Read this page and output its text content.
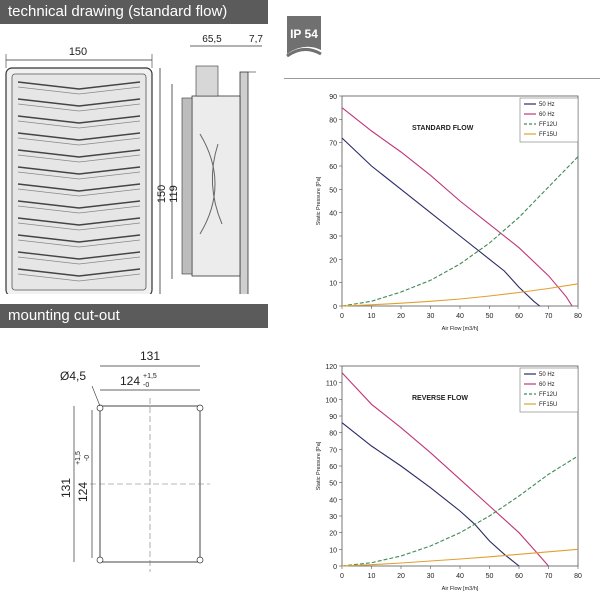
technical drawing (standard flow)
150
150 119
65,5	7,7
mounting cut-out
131
124 +1,5
-0
Ø4,5
131 124
+1,5 -0
IP 54
0
10
20
30
40
50
60
70
80
90
0	10	20	30	40	50	60	70	80
Air Flow [m3/h]
Static Pressure [Pa]
STANDARD FLOW
50 Hz
60 Hz
FF12U
FF15U
0
10
20
30
40
50
60
70
80
90
100
110
120
0	10	20	30	40	50	60	70	80
Air Flow [m3/h]
Static Pressure [Pa]
REVERSE FLOW
50 Hz
60 Hz
FF12U
FF15U
